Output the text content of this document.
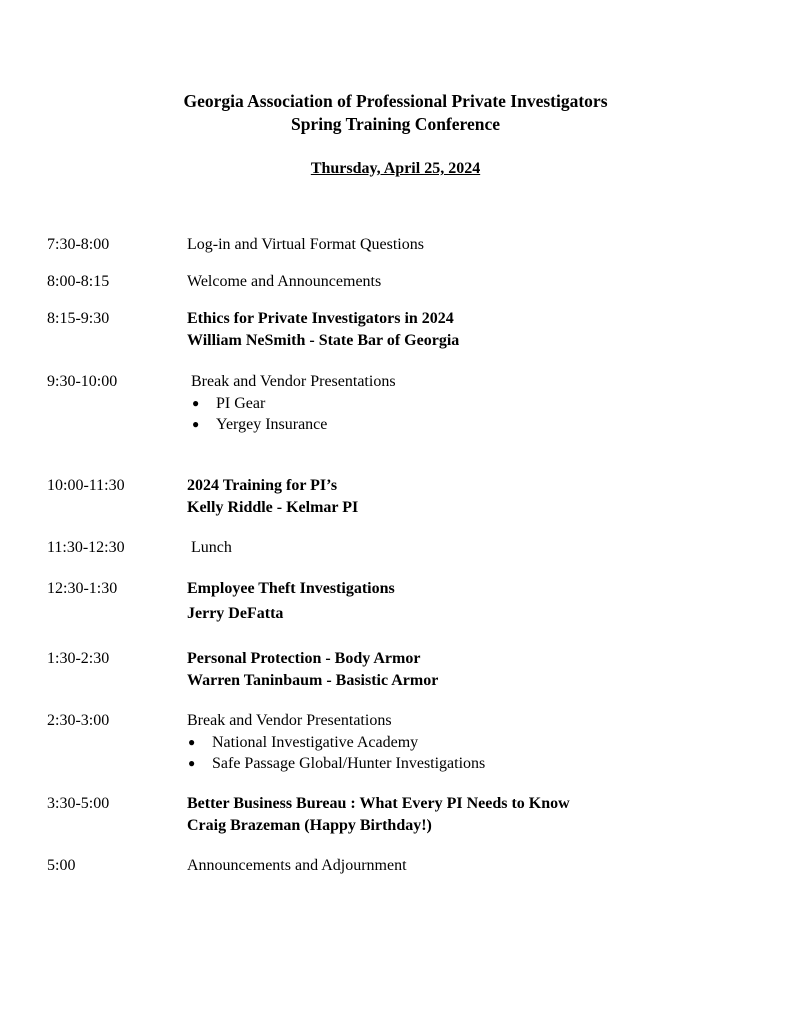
Georgia Association of Professional Private Investigators
Spring Training Conference
Thursday, April 25, 2024
7:30-8:00	Log-in and Virtual Format Questions
8:00-8:15	Welcome and Announcements
8:15-9:30	Ethics for Private Investigators in 2024
William NeSmith - State Bar of Georgia
9:30-10:00	Break and Vendor Presentations
● PI Gear
● Yergey Insurance
10:00-11:30	2024 Training for PI’s
Kelly Riddle - Kelmar PI
11:30-12:30	Lunch
12:30-1:30	Employee Theft Investigations
Jerry DeFatta
1:30-2:30	Personal Protection - Body Armor
Warren Taninbaum - Basistic Armor
2:30-3:00	Break and Vendor Presentations
● National Investigative Academy
● Safe Passage Global/Hunter Investigations
3:30-5:00	Better Business Bureau : What Every PI Needs to Know
Craig Brazeman (Happy Birthday!)
5:00	Announcements and Adjournment
